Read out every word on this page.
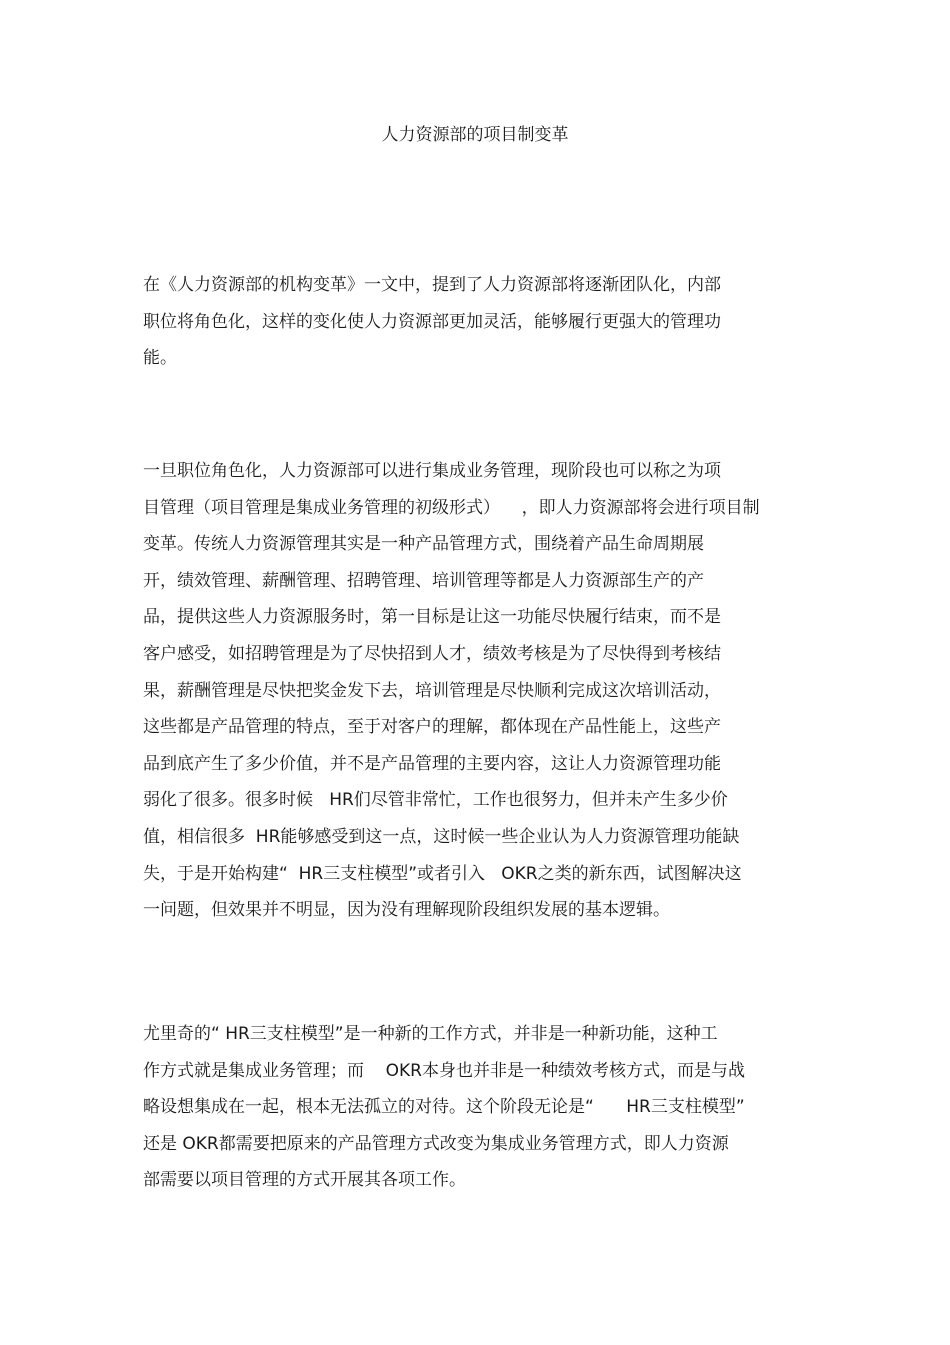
人力资源部的项目制变革
在《人力资源部的机构变革》一文中，提到了人力资源部将逐渐团队化，内部
职位将角色化，这样的变化使人力资源部更加灵活，能够履行更强大的管理功
能。
一旦职位角色化，人力资源部可以进行集成业务管理，现阶段也可以称之为项
目管理（项目管理是集成业务管理的初级形式）    ，即人力资源部将会进行项目制
变革。传统人力资源管理其实是一种产品管理方式，围绕着产品生命周期展
开，绩效管理、薪酬管理、招聘管理、培训管理等都是人力资源部生产的产
品，提供这些人力资源服务时，第一目标是让这一功能尽快履行结束，而不是
客户感受，如招聘管理是为了尽快招到人才，绩效考核是为了尽快得到考核结
果，薪酬管理是尽快把奖金发下去，培训管理是尽快顺利完成这次培训活动，
这些都是产品管理的特点，至于对客户的理解，都体现在产品性能上，这些产
品到底产生了多少价值，并不是产品管理的主要内容，这让人力资源管理功能
弱化了很多。很多时候   HR们尽管非常忙，工作也很努力，但并未产生多少价
值，相信很多  HR能够感受到这一点，这时候一些企业认为人力资源管理功能缺
失，于是开始构建“  HR三支柱模型”或者引入   OKR之类的新东西，试图解决这
一问题，但效果并不明显，因为没有理解现阶段组织发展的基本逻辑。
尤里奇的“ HR三支柱模型”是一种新的工作方式，并非是一种新功能，这种工
作方式就是集成业务管理；而    OKR本身也并非是一种绩效考核方式，而是与战
略设想集成在一起，根本无法孤立的对待。这个阶段无论是“      HR三支柱模型”
还是 OKR都需要把原来的产品管理方式改变为集成业务管理方式，即人力资源
部需要以项目管理的方式开展其各项工作。
